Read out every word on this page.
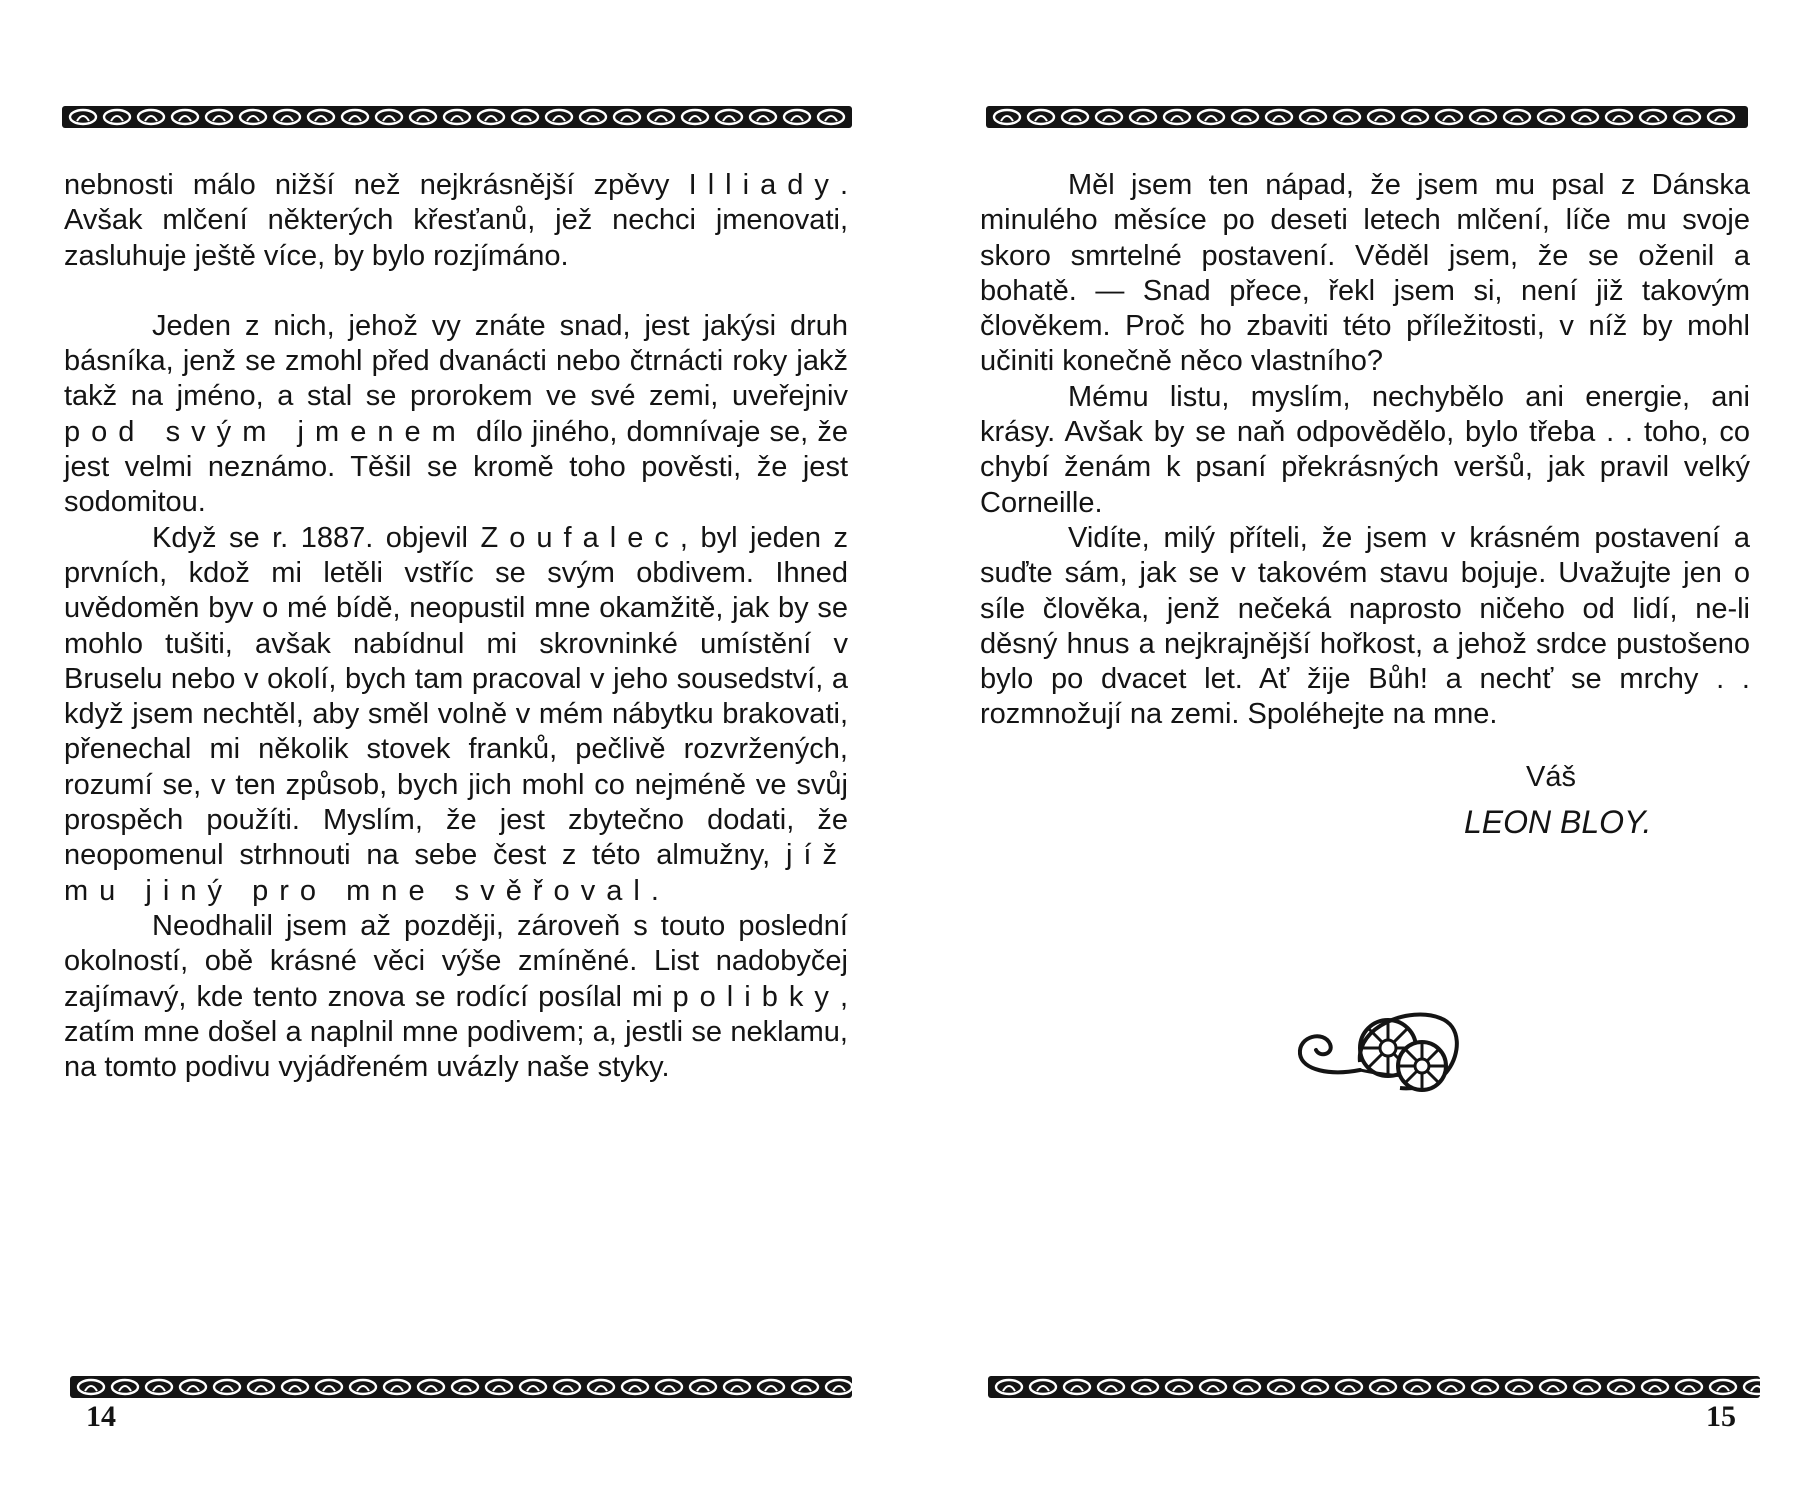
nebnosti málo nižší než nejkrásnější zpěvy Illiady. Avšak mlčení některých křesťanů, jež nechci jmenovati, zasluhuje ještě více, by bylo rozjímáno.

Jeden z nich, jehož vy znáte snad, jest jakýsi druh básníka, jenž se zmohl před dvanácti nebo čtrnácti roky jakž takž na jméno, a stal se prorokem ve své zemi, uveřejniv pod svým jmenem dílo jiného, domnívaje se, že jest velmi neznámo. Těšil se kromě toho pověsti, že jest sodomitou.

Když se r. 1887. objevil Zoufalec, byl jeden z prvních, kdož mi letěli vstříc se svým obdivem. Ihned uvědoměn byv o mé bídě, neopustil mne okamžitě, jak by se mohlo tušiti, avšak nabídnul mi skrovninké umístění v Bruselu nebo v okolí, bych tam pracoval v jeho sousedství, a když jsem nechtěl, aby směl volně v mém nábytku brakovati, přenechal mi několik stovek franků, pečlivě rozvržených, rozumí se, v ten způsob, bych jich mohl co nejméně ve svůj prospěch použíti. Myslím, že jest zbytečno dodati, že neopomenul strhnouti na sebe čest z této almužny, jíž mu jiný pro mne svěřoval.

Neodhalil jsem až později, zároveň s touto poslední okolností, obě krásné věci výše zmíněné. List nadobyčej zajímavý, kde tento znova se rodící posílal mi polibky, zatím mne došel a naplnil mne podivem; a, jestli se neklamu, na tomto podivu vyjádřeném uvázly naše styky.

14

Měl jsem ten nápad, že jsem mu psal z Dánska minulého měsíce po deseti letech mlčení, líče mu svoje skoro smrtelné postavení. Věděl jsem, že se oženil a bohatě. — Snad přece, řekl jsem si, není již takovým člověkem. Proč ho zbaviti této příležitosti, v níž by mohl učiniti konečně něco vlastního?

Mému listu, myslím, nechybělo ani energie, ani krásy. Avšak by se naň odpovědělo, bylo třeba . . toho, co chybí ženám k psaní překrásných veršů, jak pravil velký Corneille.

Vidíte, milý příteli, že jsem v krásném postavení a suďte sám, jak se v takovém stavu bojuje. Uvažujte jen o síle člověka, jenž nečeká naprosto ničeho od lidí, ne-li děsný hnus a nejkrajnější hořkost, a jehož srdce pustošeno bylo po dvacet let. Ať žije Bůh! a nechť se mrchy . . rozmnožují na zemi. Spoléhejte na mne.

Váš
LEON BLOY.
15
